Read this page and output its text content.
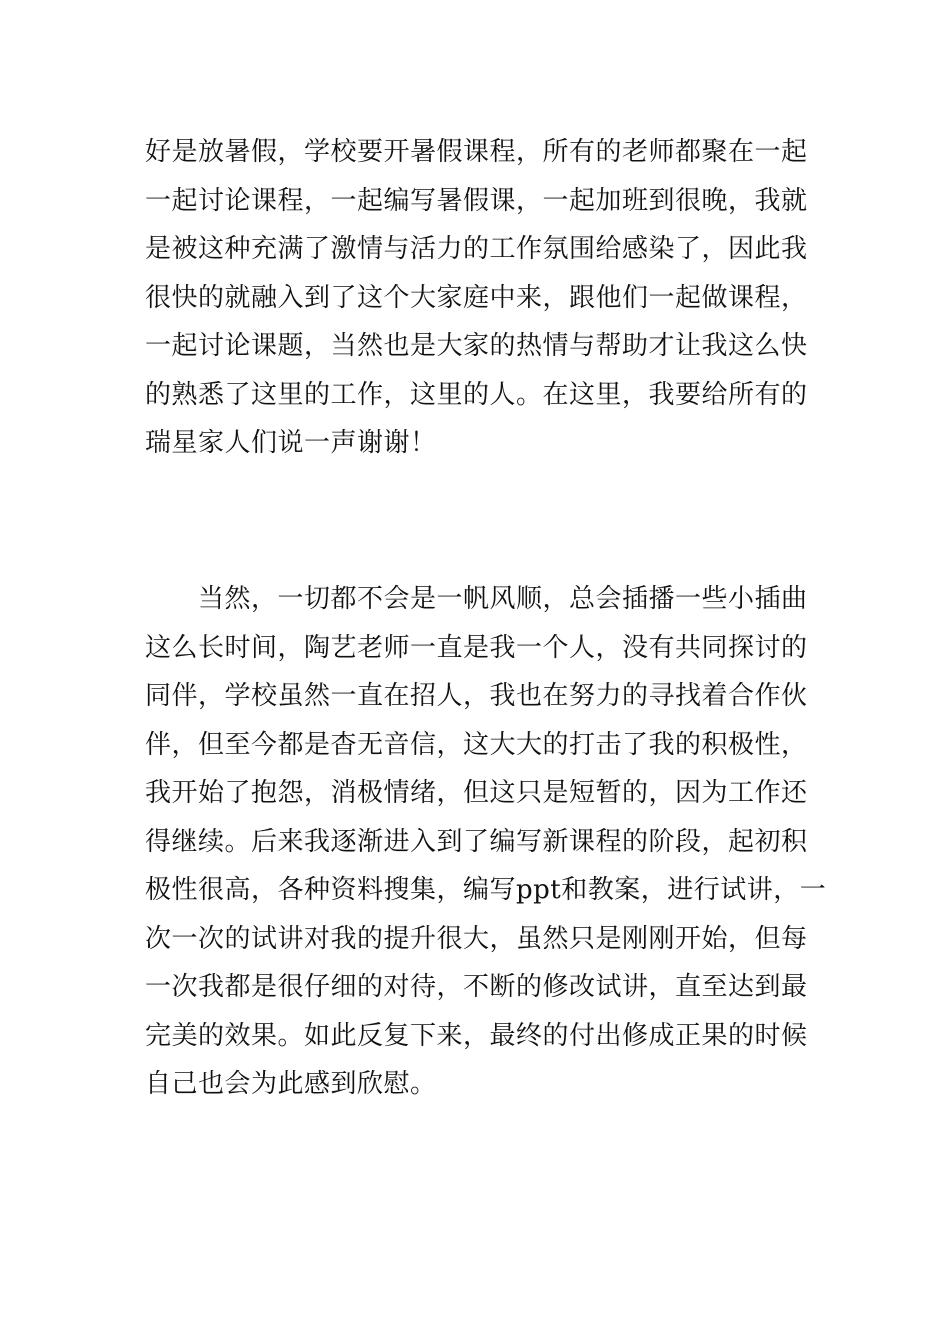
好是放暑假，学校要开暑假课程，所有的老师都聚在一起
一起讨论课程，一起编写暑假课，一起加班到很晚，我就
是被这种充满了激情与活力的工作氛围给感染了，因此我
很快的就融入到了这个大家庭中来，跟他们一起做课程，
一起讨论课题，当然也是大家的热情与帮助才让我这么快
的熟悉了这里的工作，这里的人。在这里，我要给所有的
瑞星家人们说一声谢谢！

　　当然，一切都不会是一帆风顺，总会插播一些小插曲
这么长时间，陶艺老师一直是我一个人，没有共同探讨的
同伴，学校虽然一直在招人，我也在努力的寻找着合作伙
伴，但至今都是杳无音信，这大大的打击了我的积极性，
我开始了抱怨，消极情绪，但这只是短暂的，因为工作还
得继续。后来我逐渐进入到了编写新课程的阶段，起初积
极性很高，各种资料搜集，编写ppt和教案，进行试讲，一
次一次的试讲对我的提升很大，虽然只是刚刚开始，但每
一次我都是很仔细的对待，不断的修改试讲，直至达到最
完美的效果。如此反复下来，最终的付出修成正果的时候
自己也会为此感到欣慰。
